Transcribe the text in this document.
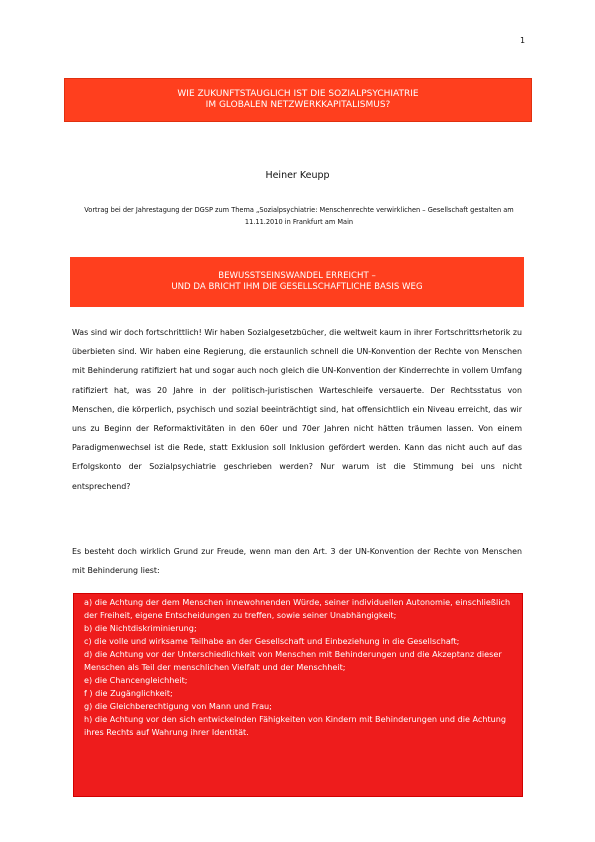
1
WIE ZUKUNFTSTAUGLICH IST DIE SOZIALPSYCHIATRIE
IM GLOBALEN NETZWERKKAPITALISMUS?
Heiner Keupp
Vortrag bei der Jahrestagung der DGSP zum Thema „Sozialpsychiatrie: Menschenrechte verwirklichen – Gesellschaft gestalten am 11.11.2010 in Frankfurt am Main
BEWUSSTSEINSWANDEL ERREICHT –
UND DA BRICHT IHM DIE GESELLSCHAFTLICHE BASIS WEG

Was sind wir doch fortschrittlich! Wir haben Sozialgesetzbücher, die weltweit kaum in ihrer Fortschrittsrhetorik zu überbieten sind. Wir haben eine Regierung, die erstaunlich schnell die UN-Konvention der Rechte von Menschen mit Behinderung ratifiziert hat und sogar auch noch gleich die UN-Konvention der Kinderrechte in vollem Umfang ratifiziert hat, was 20 Jahre in der politisch-juristischen Warteschleife versauerte. Der Rechtsstatus von Menschen, die körperlich, psychisch und sozial beeinträchtigt sind, hat offensichtlich ein Niveau erreicht, das wir uns zu Beginn der Reformaktivitäten in den 60er und 70er Jahren nicht hätten träumen lassen. Von einem Paradigmenwechsel ist die Rede, statt Exklusion soll Inklusion gefördert werden. Kann das nicht auch auf das Erfolgskonto der Sozialpsychiatrie geschrieben werden? Nur warum ist die Stimmung bei uns nicht entsprechend?

Es besteht doch wirklich Grund zur Freude, wenn man den Art. 3 der UN-Konvention der Rechte von Menschen mit Behinderung liest:

a) die Achtung der dem Menschen innewohnenden Würde, seiner individuellen Autonomie, einschließlich der Freiheit, eigene Entscheidungen zu treffen, sowie seiner Unabhängigkeit;
b) die Nichtdiskriminierung;
c) die volle und wirksame Teilhabe an der Gesellschaft und Einbeziehung in die Gesellschaft;
d) die Achtung vor der Unterschiedlichkeit von Menschen mit Behinderungen und die Akzeptanz dieser Menschen als Teil der menschlichen Vielfalt und der Menschheit;
e) die Chancengleichheit;
f ) die Zugänglichkeit;
g) die Gleichberechtigung von Mann und Frau;
h) die Achtung vor den sich entwickelnden Fähigkeiten von Kindern mit Behinderungen und die Achtung ihres Rechts auf Wahrung ihrer Identität.
